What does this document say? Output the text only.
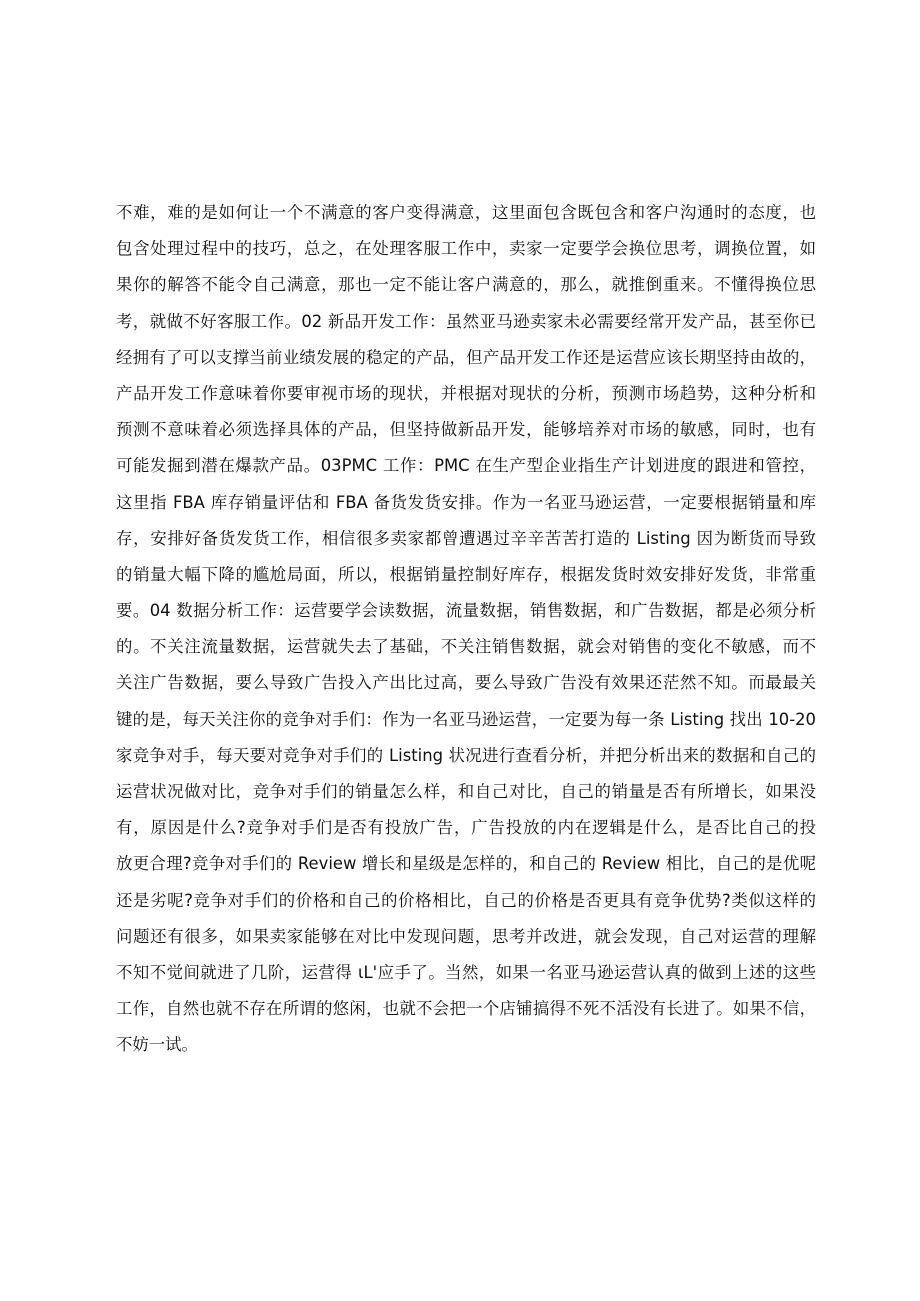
不难，难的是如何让一个不满意的客户变得满意，这里面包含既包含和客户沟通时的态度，也
包含处理过程中的技巧，总之，在处理客服工作中，卖家一定要学会换位思考，调换位置，如
果你的解答不能令自己满意，那也一定不能让客户满意的，那么，就推倒重来。不懂得换位思
考，就做不好客服工作。02 新品开发工作：虽然亚马逊卖家未必需要经常开发产品，甚至你已
经拥有了可以支撑当前业绩发展的稳定的产品，但产品开发工作还是运营应该长期坚持由故的，
产品开发工作意味着你要审视市场的现状，并根据对现状的分析，预测市场趋势，这种分析和
预测不意味着必须选择具体的产品，但坚持做新品开发，能够培养对市场的敏感，同时，也有
可能发掘到潜在爆款产品。03PMC 工作：PMC 在生产型企业指生产计划进度的跟进和管控，
这里指 FBA 库存销量评估和 FBA 备货发货安排。作为一名亚马逊运营，一定要根据销量和库
存，安排好备货发货工作，相信很多卖家都曾遭遇过辛辛苦苦打造的 Listing 因为断货而导致
的销量大幅下降的尴尬局面，所以，根据销量控制好库存，根据发货时效安排好发货，非常重
要。04 数据分析工作：运营要学会读数据，流量数据，销售数据，和广告数据，都是必须分析
的。不关注流量数据，运营就失去了基础，不关注销售数据，就会对销售的变化不敏感，而不
关注广告数据，要么导致广告投入产出比过高，要么导致广告没有效果还茫然不知。而最最关
键的是，每天关注你的竞争对手们：作为一名亚马逊运营，一定要为每一条 Listing 找出 10-20
家竞争对手，每天要对竞争对手们的 Listing 状况进行查看分析，并把分析出来的数据和自己的
运营状况做对比，竞争对手们的销量怎么样，和自己对比，自己的销量是否有所增长，如果没
有，原因是什么?竞争对手们是否有投放广告，广告投放的内在逻辑是什么，是否比自己的投
放更合理?竞争对手们的 Review 增长和星级是怎样的，和自己的 Review 相比，自己的是优呢
还是劣呢?竞争对手们的价格和自己的价格相比，自己的价格是否更具有竞争优势?类似这样的
问题还有很多，如果卖家能够在对比中发现问题，思考并改进，就会发现，自己对运营的理解
不知不觉间就进了几阶，运营得 ιL'应手了。当然，如果一名亚马逊运营认真的做到上述的这些
工作，自然也就不存在所谓的悠闲，也就不会把一个店铺搞得不死不活没有长进了。如果不信，
不妨一试。
